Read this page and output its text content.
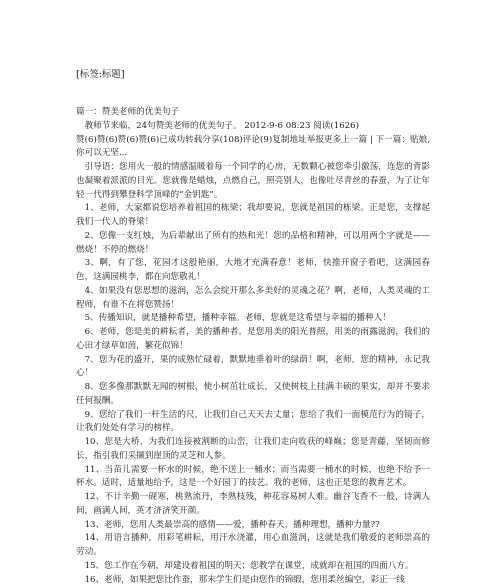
[标签:标题]

篇一：赞美老师的优美句子

教师节来临，24句赞美老师的优美句子。 2012-9-6 08:23 阅读(1626)

赞(6)赞(6)赞(6)赞(6)已成功转载分享(108)评论(9)复制地址举报更多上一篇 | 下一篇：贴娘,你可以无坚...

引导语：您用火一般的情感温暖着每一个同学的心房，无数颗心被您牵引激荡，连您的背影也凝聚着派派的目光。您就像是蜡烛，点燃自己，照亮别人，也像吐尽青丝的春蚕，为了让年轻一代得到攀登科学顶峰的“金钥匙”。

1、老师，大家都说您培养着祖国的栋梁；我却要说，您就是祖国的栋梁。正是您，支撑起我们一代人的脊梁！

2、您像一支红烛，为后辈献出了所有的热和光！您的品格和精神，可以用两个字就是——燃烧！不停的燃烧！

3、啊，有了您，花园才这般艳丽，大地才充满春意！老师，快推开窗子看吧，这满园春色，这满园桃李，都在向您敬礼！

4、如果没有您思想的滋润，怎么会绽开那么多美好的灵魂之花？啊，老师，人类灵魂的工程师，有谁不在将您赞扬！

5、传播知识，就是播种希望，播种幸福。老师，您就是这希望与幸福的播种人！

6、老师，您是美的耕耘者，美的播种者。是您用美的阳光普照，用美的雨露滋润，我们的心田才绿草如茵，繁花似锦！

7、您为花的盛开，果的成熟忙碌着，默默地垂着叶的绿荫！啊，老师，您的精神，永记我心！

8、您多像那默默无闻的树根，使小树茁壮成长，又使树枝上挂满丰硕的果实，却并不要求任何报酬。

9、您给了我们一杆生活的尺，让我们自己天天去丈量；您给了我们一面模范行为的镜子，让我们处处有学习的榜样。

10、您是大桥，为我们连接被割断的山峦，让我们走向收获的峰巅；您是青藤，坚韧而修长，指引我们采撷到崖顶的灵芝和人参。

11、当苗儿需要一杯水的时候，绝不送上一桶水；而当需要一桶水的时候，也绝不给予一杯水。适时，适量地给予，这是一个好园丁的技艺。我的老师，这也正是您的教育艺术。

12、不计辛勤一砚寒，桃熟流丹，李熟枝残，种花容易树人难。幽谷飞香不一般，诗满人间，画满人间，英才济济笑开颜。

13、老师，您用人类最崇高的感情——爱，播种春天，播种理想，播种力量??

14、用语言播种，用彩笔耕耘，用汗水浇灌，用心血滋润，这就是我们敬爱的老师崇高的劳动。

15、您工作在今朝，却建设着祖国的明天；您教学在课堂，成就却在祖国的四面八方。

16、老师，如果把您比作蚕，那末学生们是由您作的锦缎，您用柔丝编空，彩正一线
